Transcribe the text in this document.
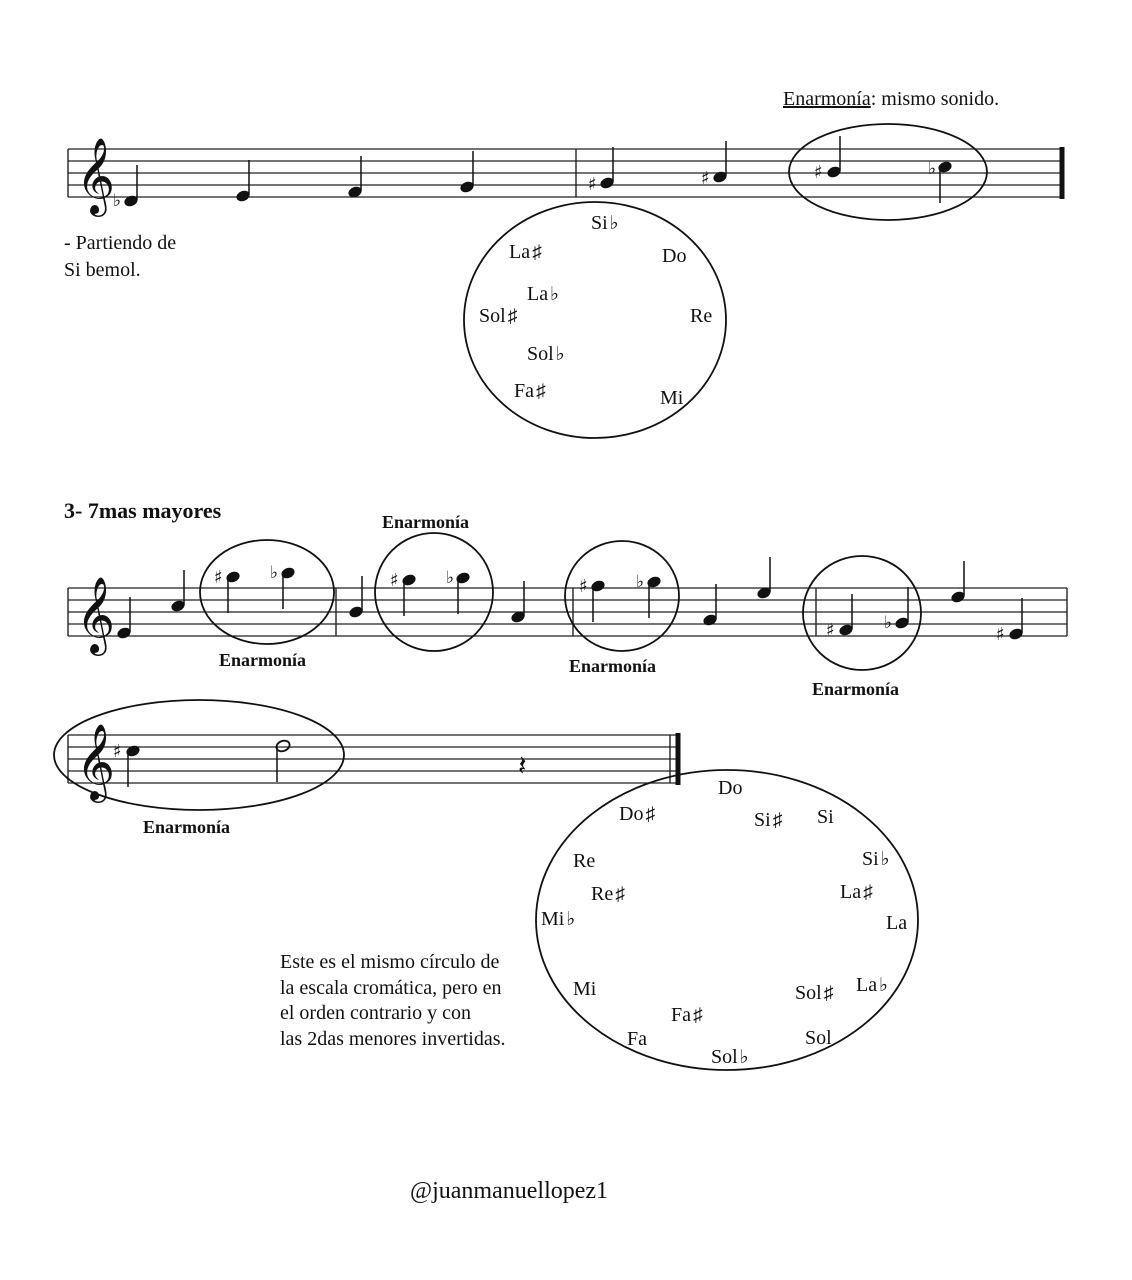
Enarmonía: mismo sonido.
- Partiendo de
Si bemol.
Si ♭
Do
Re
Mi
Fa ♯
Sol ♭
Sol ♯
La ♭
La ♯
3- 7mas mayores
Enarmonía
Enarmonía
Enarmonía
Enarmonía
Enarmonía
Este es el mismo círculo de
la escala cromática, pero en
el orden contrario y con
las 2das menores invertidas.
Do
Si ♯ Si
Si ♭
La ♯
La
La ♭
Sol ♯
Sol
Sol ♭
Fa ♯
Fa
Mi
Mi ♭
Re ♯
Re
Do ♯
@juanmanuellopez1
𝄞
♭
♯	♯	♯	♭
𝄞	♯	♭	♯	♭	♯	♭
♯	♭
♯
𝄞
♯	𝄽
